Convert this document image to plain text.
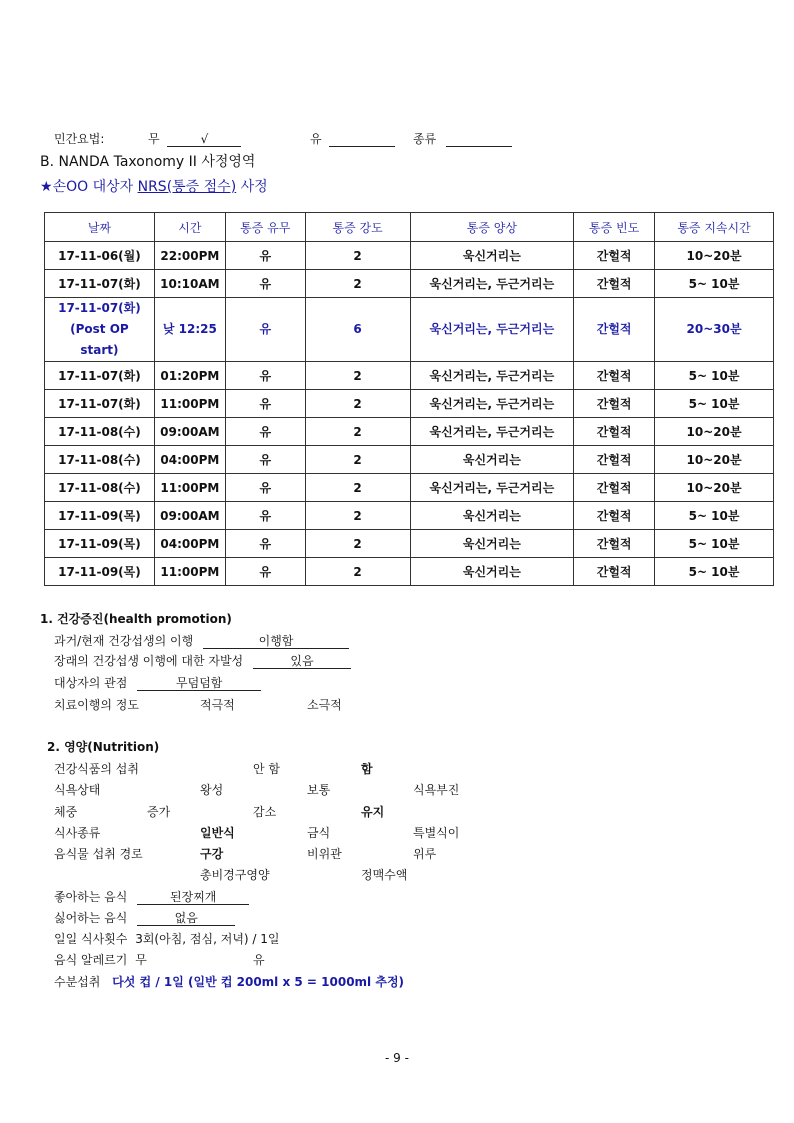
민간요법:	무	√	유	종류
B. NANDA Taxonomy II 사정영역
★손OO 대상자 NRS(통증 점수) 사정
날짜	시간	통증 유무	통증 강도	통증 양상	통증 빈도	통증 지속시간
17-11-06(월)	22:00PM	유	2	욱신거리는	간헐적	10~20분
17-11-07(화)	10:10AM	유	2	욱신거리는, 두근거리는	간헐적	5~ 10분

17-11-07(화)
(Post OP
start)	낮 12:25	유	6	욱신거리는, 두근거리는	간헐적	20~30분
17-11-07(화)	01:20PM	유	2	욱신거리는, 두근거리는	간헐적	5~ 10분
17-11-07(화)	11:00PM	유	2	욱신거리는, 두근거리는	간헐적	5~ 10분
17-11-08(수)	09:00AM	유	2	욱신거리는, 두근거리는	간헐적	10~20분
17-11-08(수)	04:00PM	유	2	욱신거리는	간헐적	10~20분
17-11-08(수)	11:00PM	유	2	욱신거리는, 두근거리는	간헐적	10~20분
17-11-09(목)	09:00AM	유	2	욱신거리는	간헐적	5~ 10분
17-11-09(목)	04:00PM	유	2	욱신거리는	간헐적	5~ 10분
17-11-09(목)	11:00PM	유	2	욱신거리는	간헐적	5~ 10분
1. 건강증진(health promotion)
과거/현재 건강섭생의 이행	이행함
장래의 건강섭생 이행에 대한 자발성	있음
대상자의 관점	무덤덤함
치료이행의 정도	적극적	소극적
2. 영양(Nutrition)
건강식품의 섭취	안 함	함
식욕상태	왕성	보통	식욕부진
체중	증가	감소	유지
식사종류	일반식	금식	특별식이
음식물 섭취 경로	구강	비위관	위루
총비경구영양	정맥수액
좋아하는 음식	된장찌개
싫어하는 음식	없음
일일 식사횟수 3회(아침, 점심, 저녁) / 1일
음식 알레르기 무	유
수분섭취 다섯 컵 / 1일 (일반 컵 200ml x 5 = 1000ml 추정)
- 9 -
